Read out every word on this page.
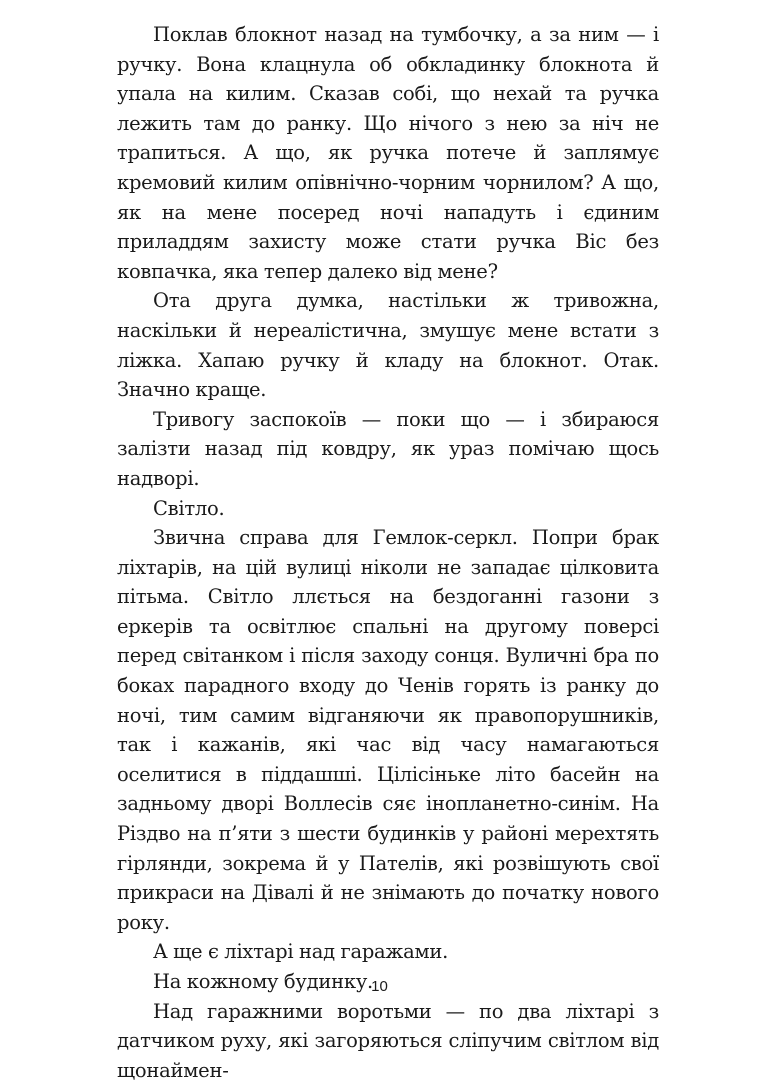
Поклав блокнот назад на тумбочку, а за ним — і ручку. Вона клацнула об обкладинку блокнота й упала на килим. Сказав собі, що нехай та ручка лежить там до ранку. Що нічого з нею за ніч не трапиться. А що, як ручка потече й заплямує кремовий килим опівнічно-чорним чорнилом? А що, як на мене посеред ночі нападуть і єдиним приладдям захисту може стати ручка Bic без ковпачка, яка тепер далеко від мене?

Ота друга думка, настільки ж тривожна, наскільки й нереалістична, змушує мене встати з ліжка. Хапаю ручку й кладу на блокнот. Отак. Значно краще.

Тривогу заспокоїв — поки що — і збираюся залізти назад під ковдру, як ураз помічаю щось надворі.

Світло.

Звична справа для Гемлок-серкл. Попри брак ліхтарів, на цій вулиці ніколи не западає цілковита пітьма. Світло ллється на бездоганні газони з еркерів та освітлює спальні на другому поверсі перед світанком і після заходу сонця. Вуличні бра по боках парадного входу до Ченів горять із ранку до ночі, тим самим відганяючи як правопорушників, так і кажанів, які час від часу намагаються оселитися в піддашші. Цілісіньке літо басейн на задньому дворі Воллесів сяє інопланетно-синім. На Різдво на п’яти з шести будинків у районі мерехтять гірлянди, зокрема й у Пателів, які розвішують свої прикраси на Дівалі й не знімають до початку нового року.

А ще є ліхтарі над гаражами.

На кожному будинку.

Над гаражними воротьми — по два ліхтарі з датчиком руху, які загоряються сліпучим світлом від щонаймен-

10
